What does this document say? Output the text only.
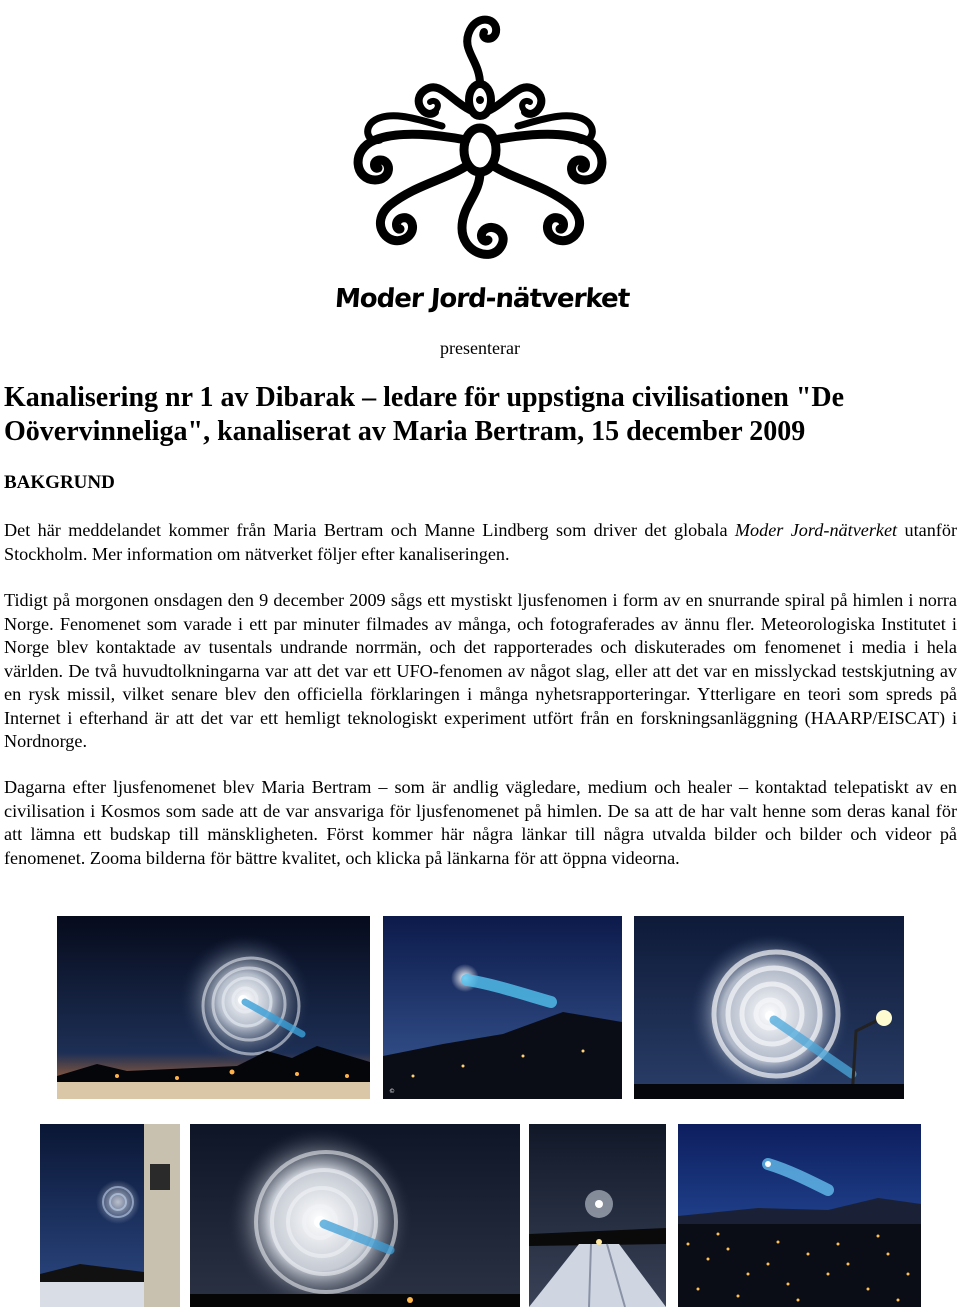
Moder Jord-nätverket
presenterar
Kanalisering nr 1 av Dibarak – ledare för uppstigna civilisationen "De Oövervinneliga", kanaliserat av Maria Bertram, 15 december 2009
BAKGRUND

Det här meddelandet kommer från Maria Bertram och Manne Lindberg som driver det globala Moder Jord-nätverket utanför Stockholm. Mer information om nätverket följer efter kanaliseringen.

Tidigt på morgonen onsdagen den 9 december 2009 sågs ett mystiskt ljusfenomen i form av en snurrande spiral på himlen i norra Norge. Fenomenet som varade i ett par minuter filmades av många, och fotograferades av ännu fler. Meteorologiska Institutet i Norge blev kontaktade av tusentals undrande norrmän, och det rapporterades och diskuterades om fenomenet i media i hela världen. De två huvudtolkningarna var att det var ett UFO-fenomen av något slag, eller att det var en misslyckad testskjutning av en rysk missil, vilket senare blev den officiella förklaringen i många nyhetsrapporteringar. Ytterligare en teori som spreds på Internet i efterhand är att det var ett hemligt teknologiskt experiment utfört från en forskningsanläggning (HAARP/EISCAT) i Nordnorge.

Dagarna efter ljusfenomenet blev Maria Bertram – som är andlig vägledare, medium och healer – kontaktad telepatiskt av en civilisation i Kosmos som sade att de var ansvariga för ljusfenomenet på himlen. De sa att de har valt henne som deras kanal för att lämna ett budskap till mänskligheten. Först kommer här några länkar till några utvalda bilder och bilder och videor på fenomenet. Zooma bilderna för bättre kvalitet, och klicka på länkarna för att öppna videorna.

©
